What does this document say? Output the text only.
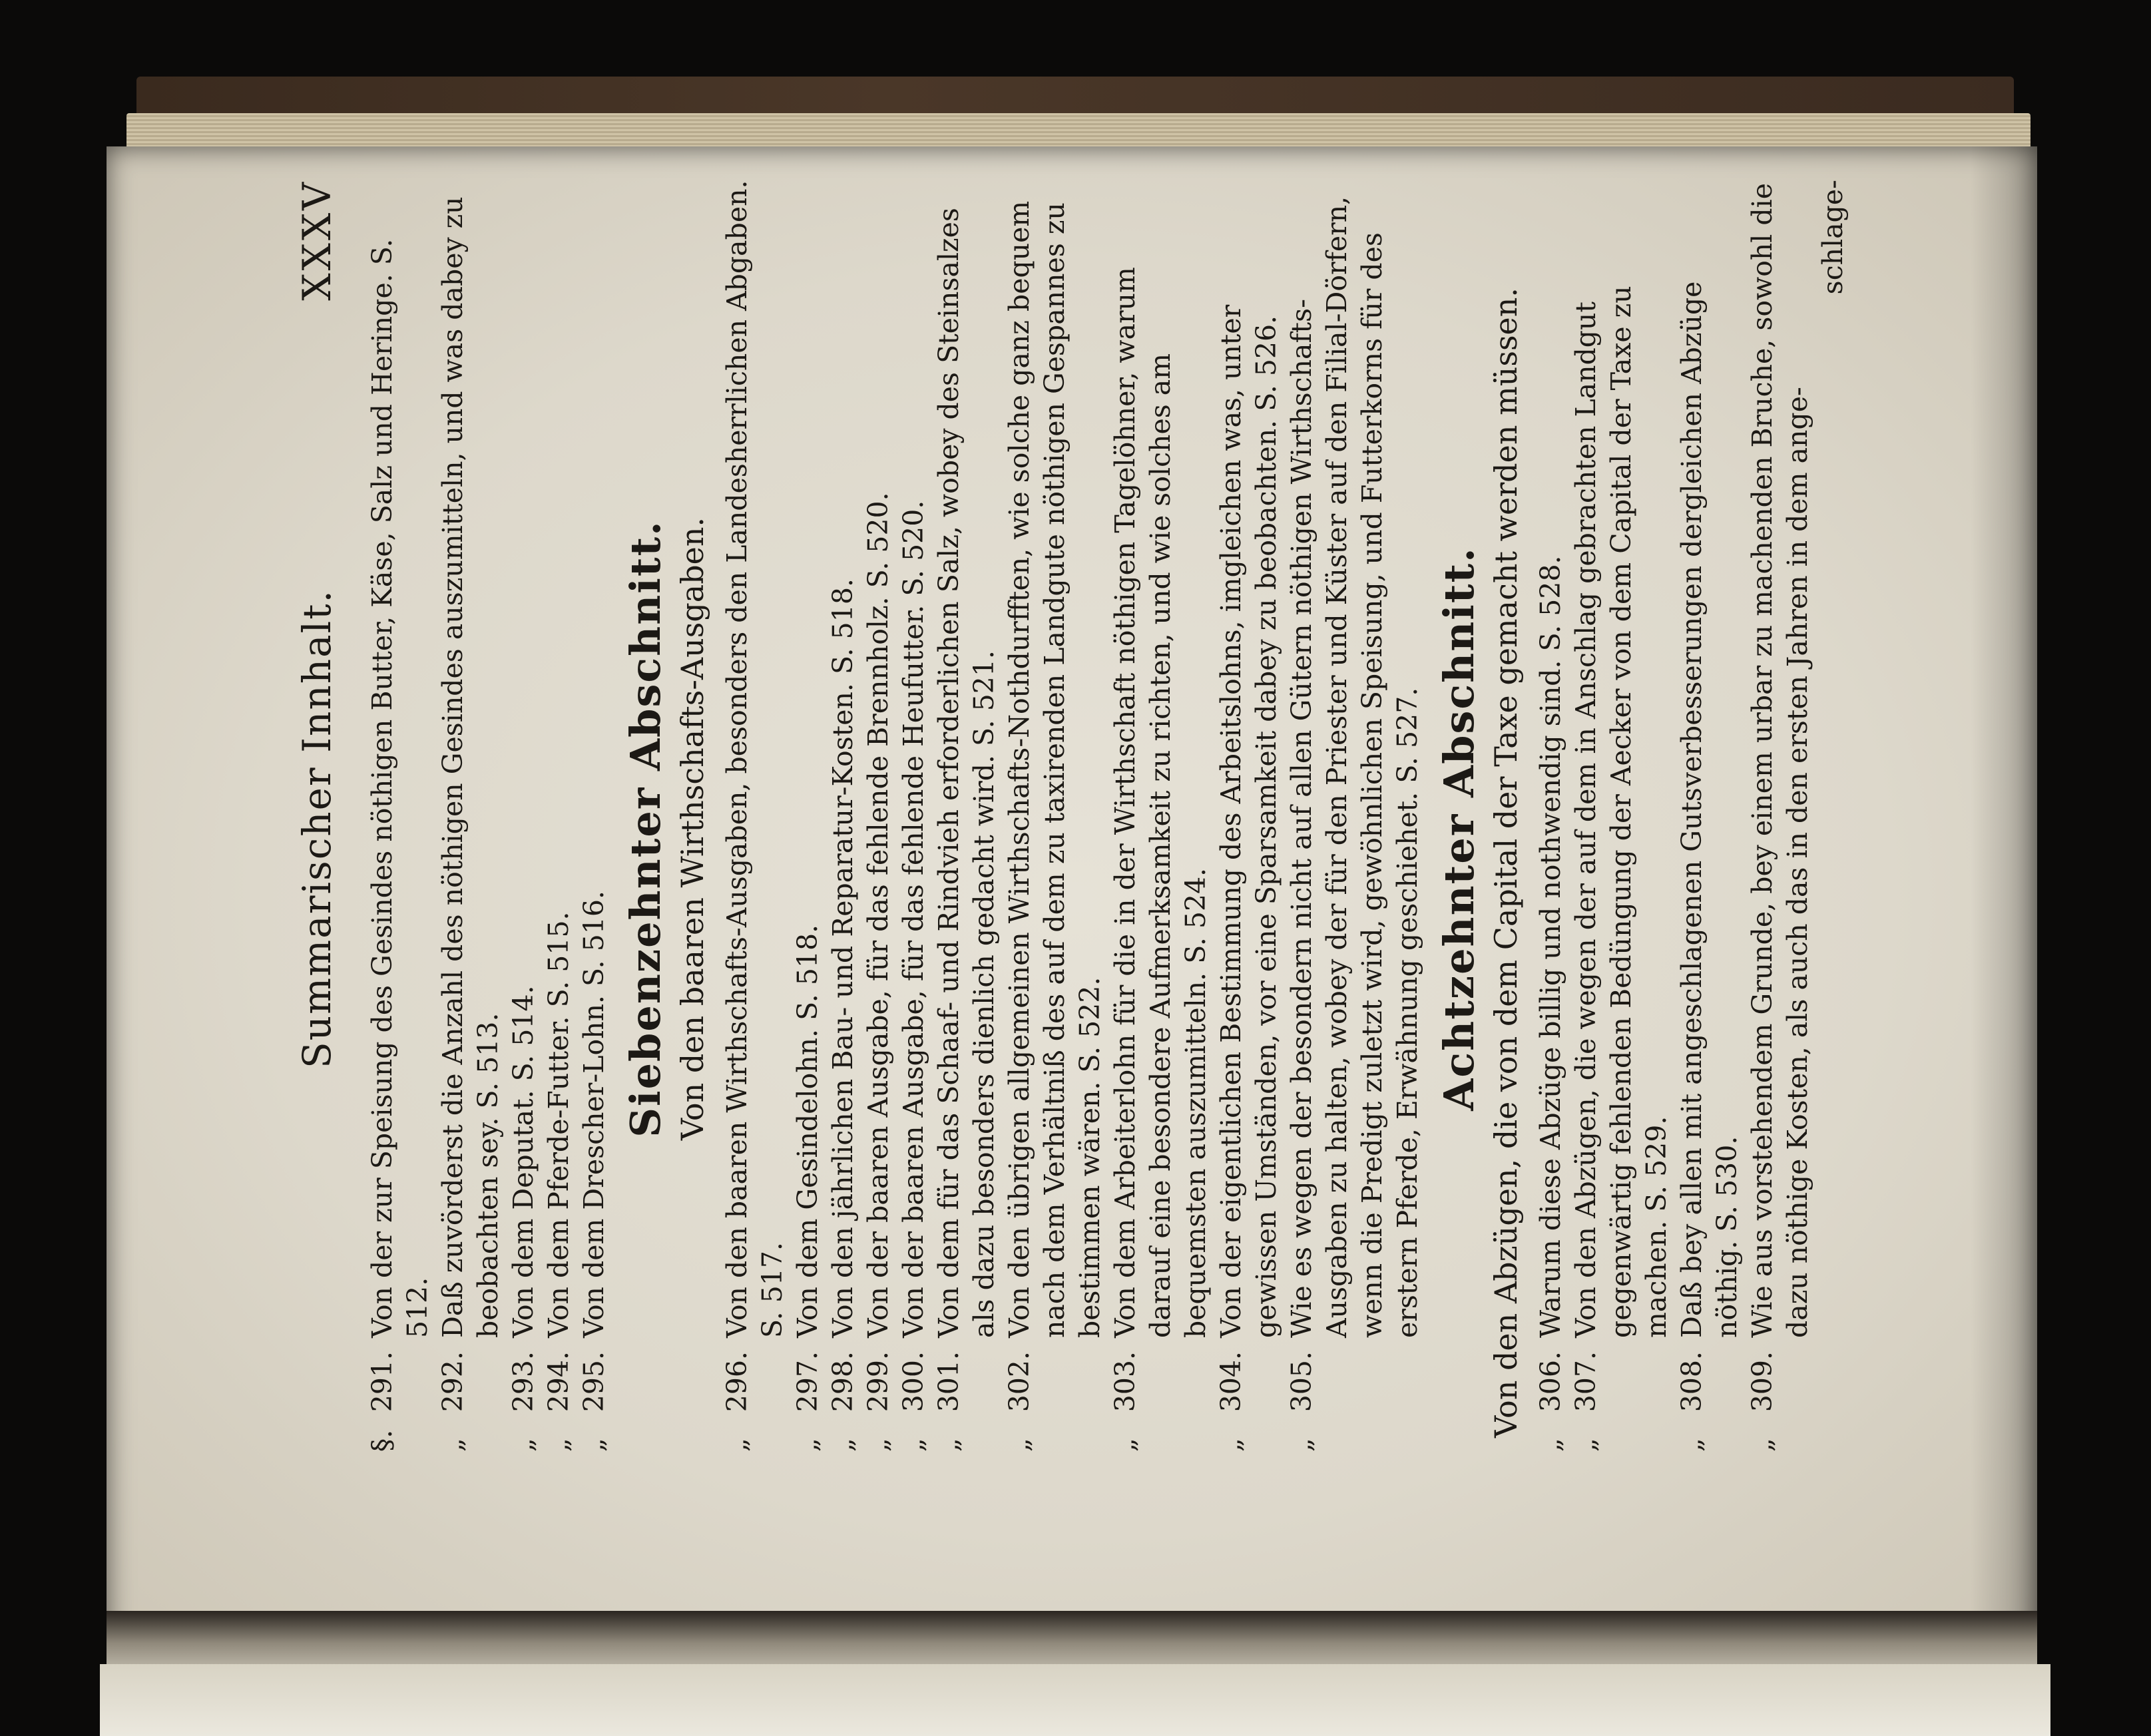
Summarischer Innhalt.
XXXV
§.291.
Von der zur Speisung des Gesindes nöthigen Butter, Käse, Salz und Heringe. S. 512.
„292.
Daß zuvörderst die Anzahl des nöthigen Gesindes auszumitteln, und was dabey zu beobachten sey. S. 513.
„293.
Von dem Deputat. S. 514.
„294.
Von dem Pferde-Futter. S. 515.
„295.
Von dem Drescher-Lohn. S. 516. Siebenzehnter Abschnitt. Von den baaren Wirthschafts-Ausgaben.
„296.
Von den baaren Wirthschafts-Ausgaben, besonders den Landesherrlichen Abgaben. S. 517.
„297.
Von dem Gesindelohn. S. 518.
„298.
Von den jährlichen Bau- und Reparatur-Kosten. S. 518.
„299.
Von der baaren Ausgabe, für das fehlende Brennholz. S. 520.
„300.
Von der baaren Ausgabe, für das fehlende Heufutter. S. 520.
„301.
Von dem für das Schaaf- und Rindvieh erforderlichen Salz, wobey des Steinsalzes als dazu besonders dienlich gedacht wird. S. 521.
„302.
Von den übrigen allgemeinen Wirthschafts-Nothdurfften, wie solche ganz bequem nach dem Verhältniß des auf dem zu taxirenden Landgute nöthigen Gespannes zu bestimmen wären. S. 522.
„303.
Von dem Arbeiterlohn für die in der Wirthschaft nöthigen Tagelöhner, warum darauf eine besondere Aufmerksamkeit zu richten, und wie solches am bequemsten auszumitteln. S. 524.
„304.
Von der eigentlichen Bestimmung des Arbeitslohns, imgleichen was, unter gewissen Umständen, vor eine Sparsamkeit dabey zu beobachten. S. 526.
„305.
Wie es wegen der besondern nicht auf allen Gütern nöthigen Wirthschafts-Ausgaben zu halten, wobey der für den Priester und Küster auf den Filial-Dörfern, wenn die Predigt zuletzt wird, gewöhnlichen Speisung, und Futterkorns für des erstern Pferde, Erwähnung geschiehet. S. 527. Achtzehnter Abschnitt. Von den Abzügen, die von dem Capital der Taxe gemacht werden müssen.
„306.
Warum diese Abzüge billig und nothwendig sind. S. 528.
„307.
Von den Abzügen, die wegen der auf dem in Anschlag gebrachten Landgut gegenwärtig fehlenden Bedüngung der Aecker von dem Capital der Taxe zu machen. S. 529.
„308.
Daß bey allen mit angeschlagenen Gutsverbesserungen dergleichen Abzüge nöthig. S. 530.
„309.
Wie aus vorstehendem Grunde, bey einem urbar zu machenden Bruche, sowohl die dazu nöthige Kosten, als auch das in den ersten Jahren in dem ange-
schlage-
